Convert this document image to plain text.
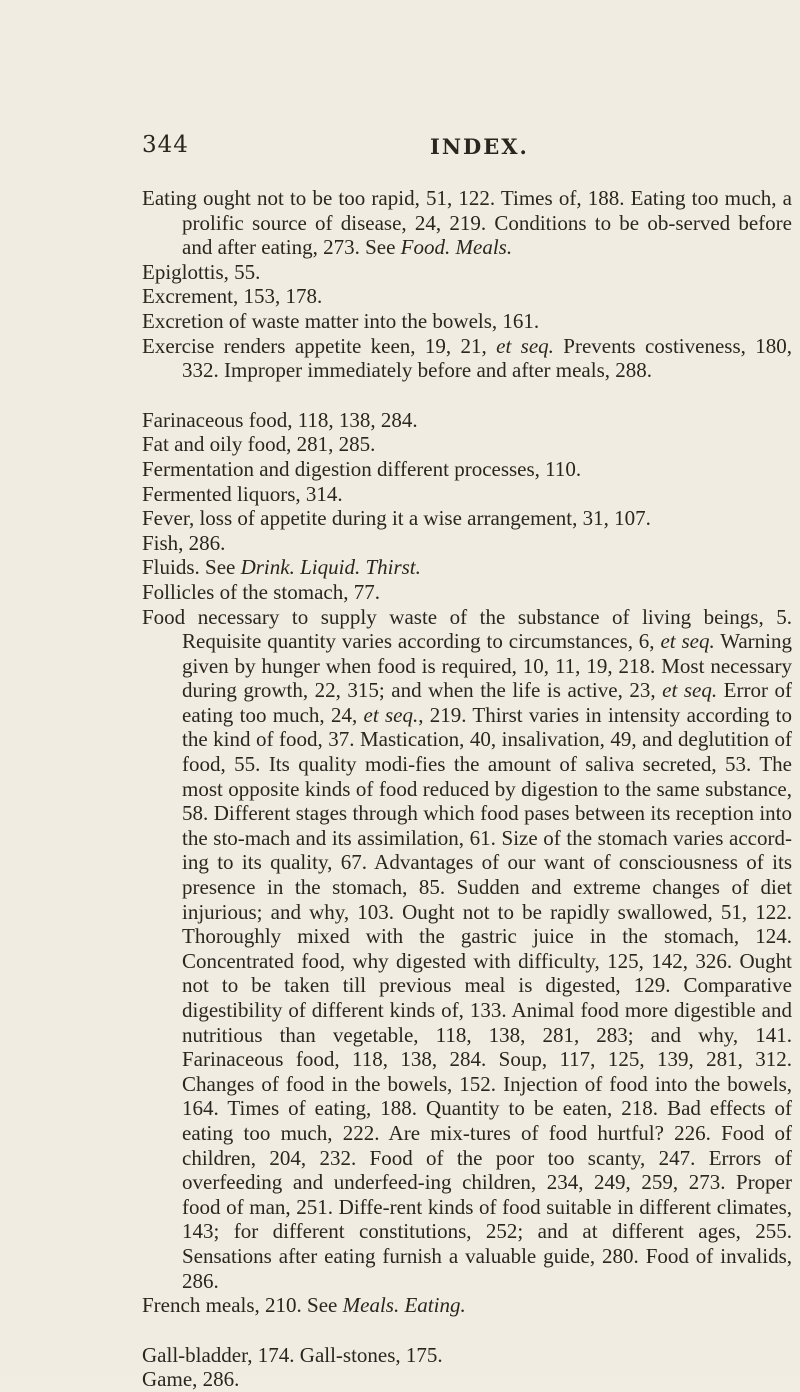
344	INDEX.

Eating ought not to be too rapid, 51, 122. Times of, 188. Eating too much, a prolific source of disease, 24, 219. Conditions to be ob-served before and after eating, 273. See Food. Meals.

Epiglottis, 55.

Excrement, 153, 178.

Excretion of waste matter into the bowels, 161.

Exercise renders appetite keen, 19, 21, et seq. Prevents costiveness, 180, 332. Improper immediately before and after meals, 288.

Farinaceous food, 118, 138, 284.

Fat and oily food, 281, 285.

Fermentation and digestion different processes, 110.

Fermented liquors, 314.

Fever, loss of appetite during it a wise arrangement, 31, 107.

Fish, 286.

Fluids. See Drink. Liquid. Thirst.

Follicles of the stomach, 77.

Food necessary to supply waste of the substance of living beings, 5. Requisite quantity varies according to circumstances, 6, et seq. Warning given by hunger when food is required, 10, 11, 19, 218. Most necessary during growth, 22, 315; and when the life is active, 23, et seq. Error of eating too much, 24, et seq., 219. Thirst varies in intensity according to the kind of food, 37. Mastication, 40, insalivation, 49, and deglutition of food, 55. Its quality modi-fies the amount of saliva secreted, 53. The most opposite kinds of food reduced by digestion to the same substance, 58. Different stages through which food pases between its reception into the sto-mach and its assimilation, 61. Size of the stomach varies accord-ing to its quality, 67. Advantages of our want of consciousness of its presence in the stomach, 85. Sudden and extreme changes of diet injurious; and why, 103. Ought not to be rapidly swallowed, 51, 122. Thoroughly mixed with the gastric juice in the stomach, 124. Concentrated food, why digested with difficulty, 125, 142, 326. Ought not to be taken till previous meal is digested, 129. Comparative digestibility of different kinds of, 133. Animal food more digestible and nutritious than vegetable, 118, 138, 281, 283; and why, 141. Farinaceous food, 118, 138, 284. Soup, 117, 125, 139, 281, 312. Changes of food in the bowels, 152. Injection of food into the bowels, 164. Times of eating, 188. Quantity to be eaten, 218. Bad effects of eating too much, 222. Are mix-tures of food hurtful? 226. Food of children, 204, 232. Food of the poor too scanty, 247. Errors of overfeeding and underfeed-ing children, 234, 249, 259, 273. Proper food of man, 251. Diffe-rent kinds of food suitable in different climates, 143; for different constitutions, 252; and at different ages, 255. Sensations after eating furnish a valuable guide, 280. Food of invalids, 286.

French meals, 210. See Meals. Eating.

Gall-bladder, 174. Gall-stones, 175.

Game, 286.
